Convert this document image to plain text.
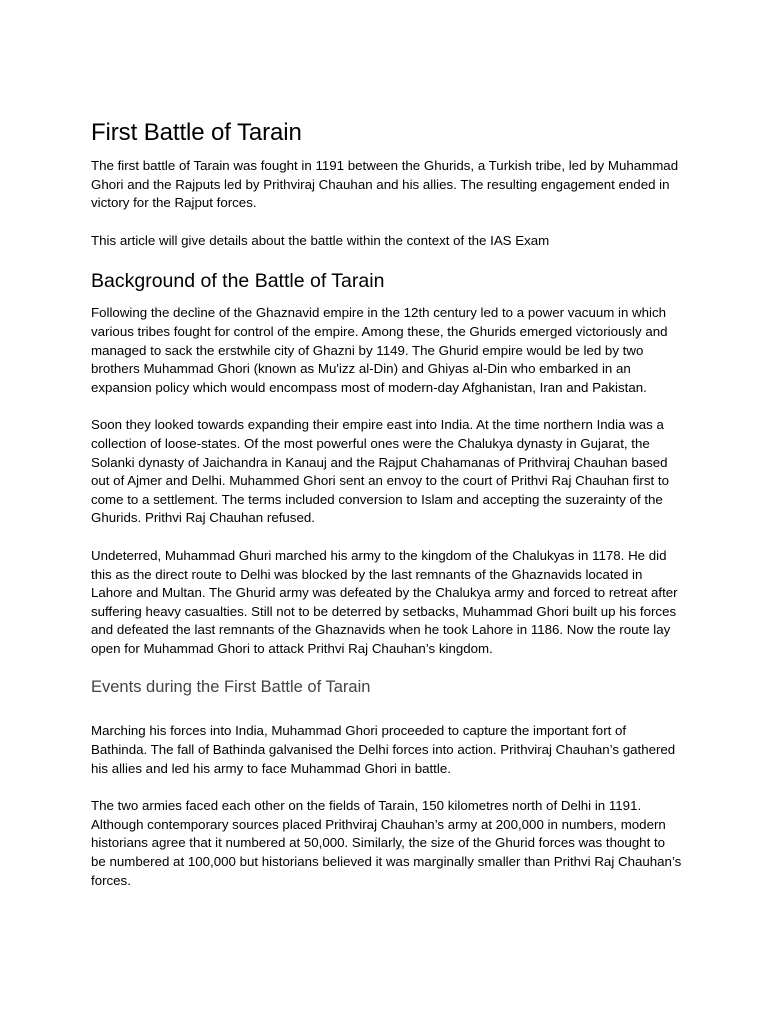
First Battle of Tarain

The first battle of Tarain was fought in 1191 between the Ghurids, a Turkish tribe, led by Muhammad Ghori and the Rajputs led by Prithviraj Chauhan and his allies. The resulting engagement ended in victory for the Rajput forces.

This article will give details about the battle within the context of the IAS Exam

Background of the Battle of Tarain

Following the decline of the Ghaznavid empire in the 12th century led to a power vacuum in which various tribes fought for control of the empire. Among these, the Ghurids emerged victoriously and managed to sack the erstwhile city of Ghazni by 1149. The Ghurid empire would be led by two brothers Muhammad Ghori (known as Mu'izz al-Din) and Ghiyas al-Din who embarked in an expansion policy which would encompass most of modern-day Afghanistan, Iran and Pakistan.

Soon they looked towards expanding their empire east into India. At the time northern India was a collection of loose-states. Of the most powerful ones were the Chalukya dynasty in Gujarat, the Solanki dynasty of Jaichandra in Kanauj and the Rajput Chahamanas of Prithviraj Chauhan based out of Ajmer and Delhi. Muhammed Ghori sent an envoy to the court of Prithvi Raj Chauhan first to come to a settlement. The terms included conversion to Islam and accepting the suzerainty of the Ghurids. Prithvi Raj Chauhan refused.

Undeterred, Muhammad Ghuri marched his army to the kingdom of the Chalukyas in 1178. He did this as the direct route to Delhi was blocked by the last remnants of the Ghaznavids located in Lahore and Multan. The Ghurid army was defeated by the Chalukya army and forced to retreat after suffering heavy casualties. Still not to be deterred by setbacks, Muhammad Ghori built up his forces and defeated the last remnants of the Ghaznavids when he took Lahore in 1186. Now the route lay open for Muhammad Ghori to attack Prithvi Raj Chauhan’s kingdom.

Events during the First Battle of Tarain

Marching his forces into India, Muhammad Ghori proceeded to capture the important fort of Bathinda. The fall of Bathinda galvanised the Delhi forces into action. Prithviraj Chauhan’s gathered his allies and led his army to face Muhammad Ghori in battle.

The two armies faced each other on the fields of Tarain, 150 kilometres north of Delhi in 1191. Although contemporary sources placed Prithviraj Chauhan’s army at 200,000 in numbers, modern historians agree that it numbered at 50,000. Similarly, the size of the Ghurid forces was thought to be numbered at 100,000 but historians believed it was marginally smaller than Prithvi Raj Chauhan’s forces.
